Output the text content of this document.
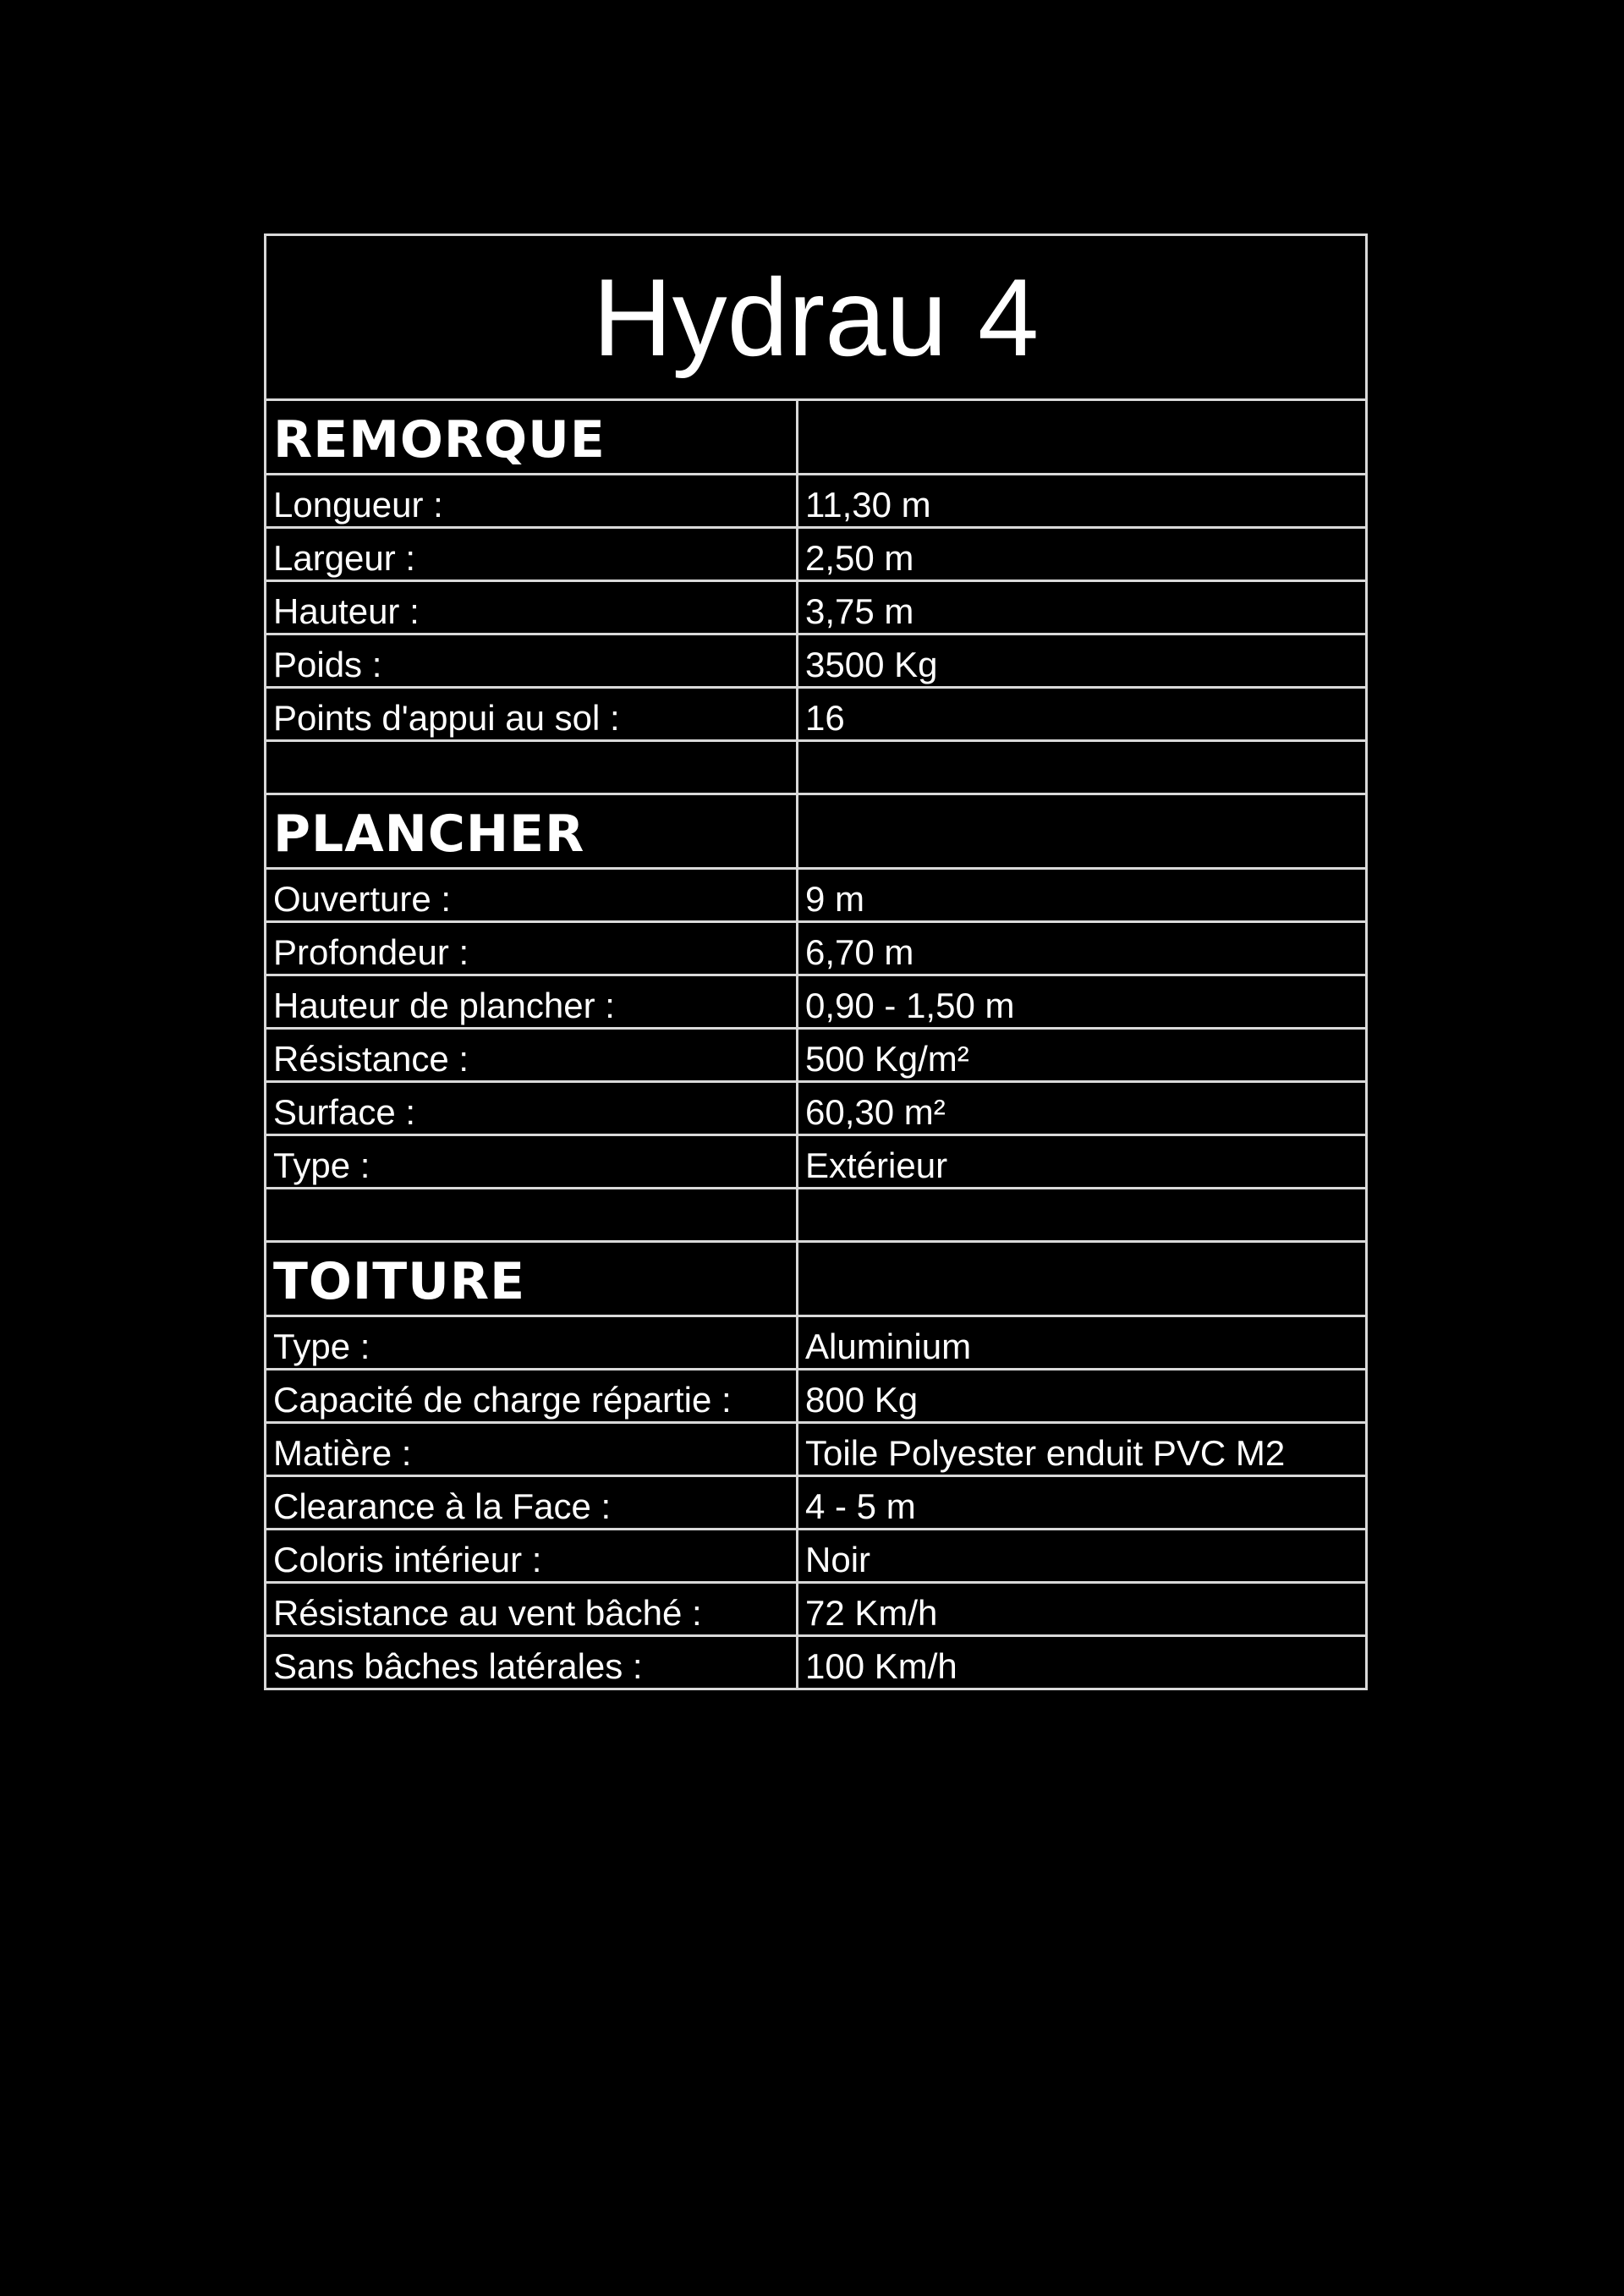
Hydrau 4	
REMORQUE	
Longueur :	11,30 m
Largeur :	2,50 m
Hauteur :	3,75 m
Poids :	3500 Kg
Points d'appui au sol :	16

PLANCHER	
Ouverture :	9 m
Profondeur :	6,70 m
Hauteur de plancher :	0,90 - 1,50 m
Résistance :	500 Kg/m²
Surface :	60,30 m²
Type :	Extérieur

TOITURE	
Type :	Aluminium
Capacité de charge répartie :	800 Kg
Matière :	Toile Polyester enduit PVC M2
Clearance à la Face :	4 - 5 m
Coloris intérieur :	Noir
Résistance au vent bâché :	72 Km/h
Sans bâches latérales :	100 Km/h
